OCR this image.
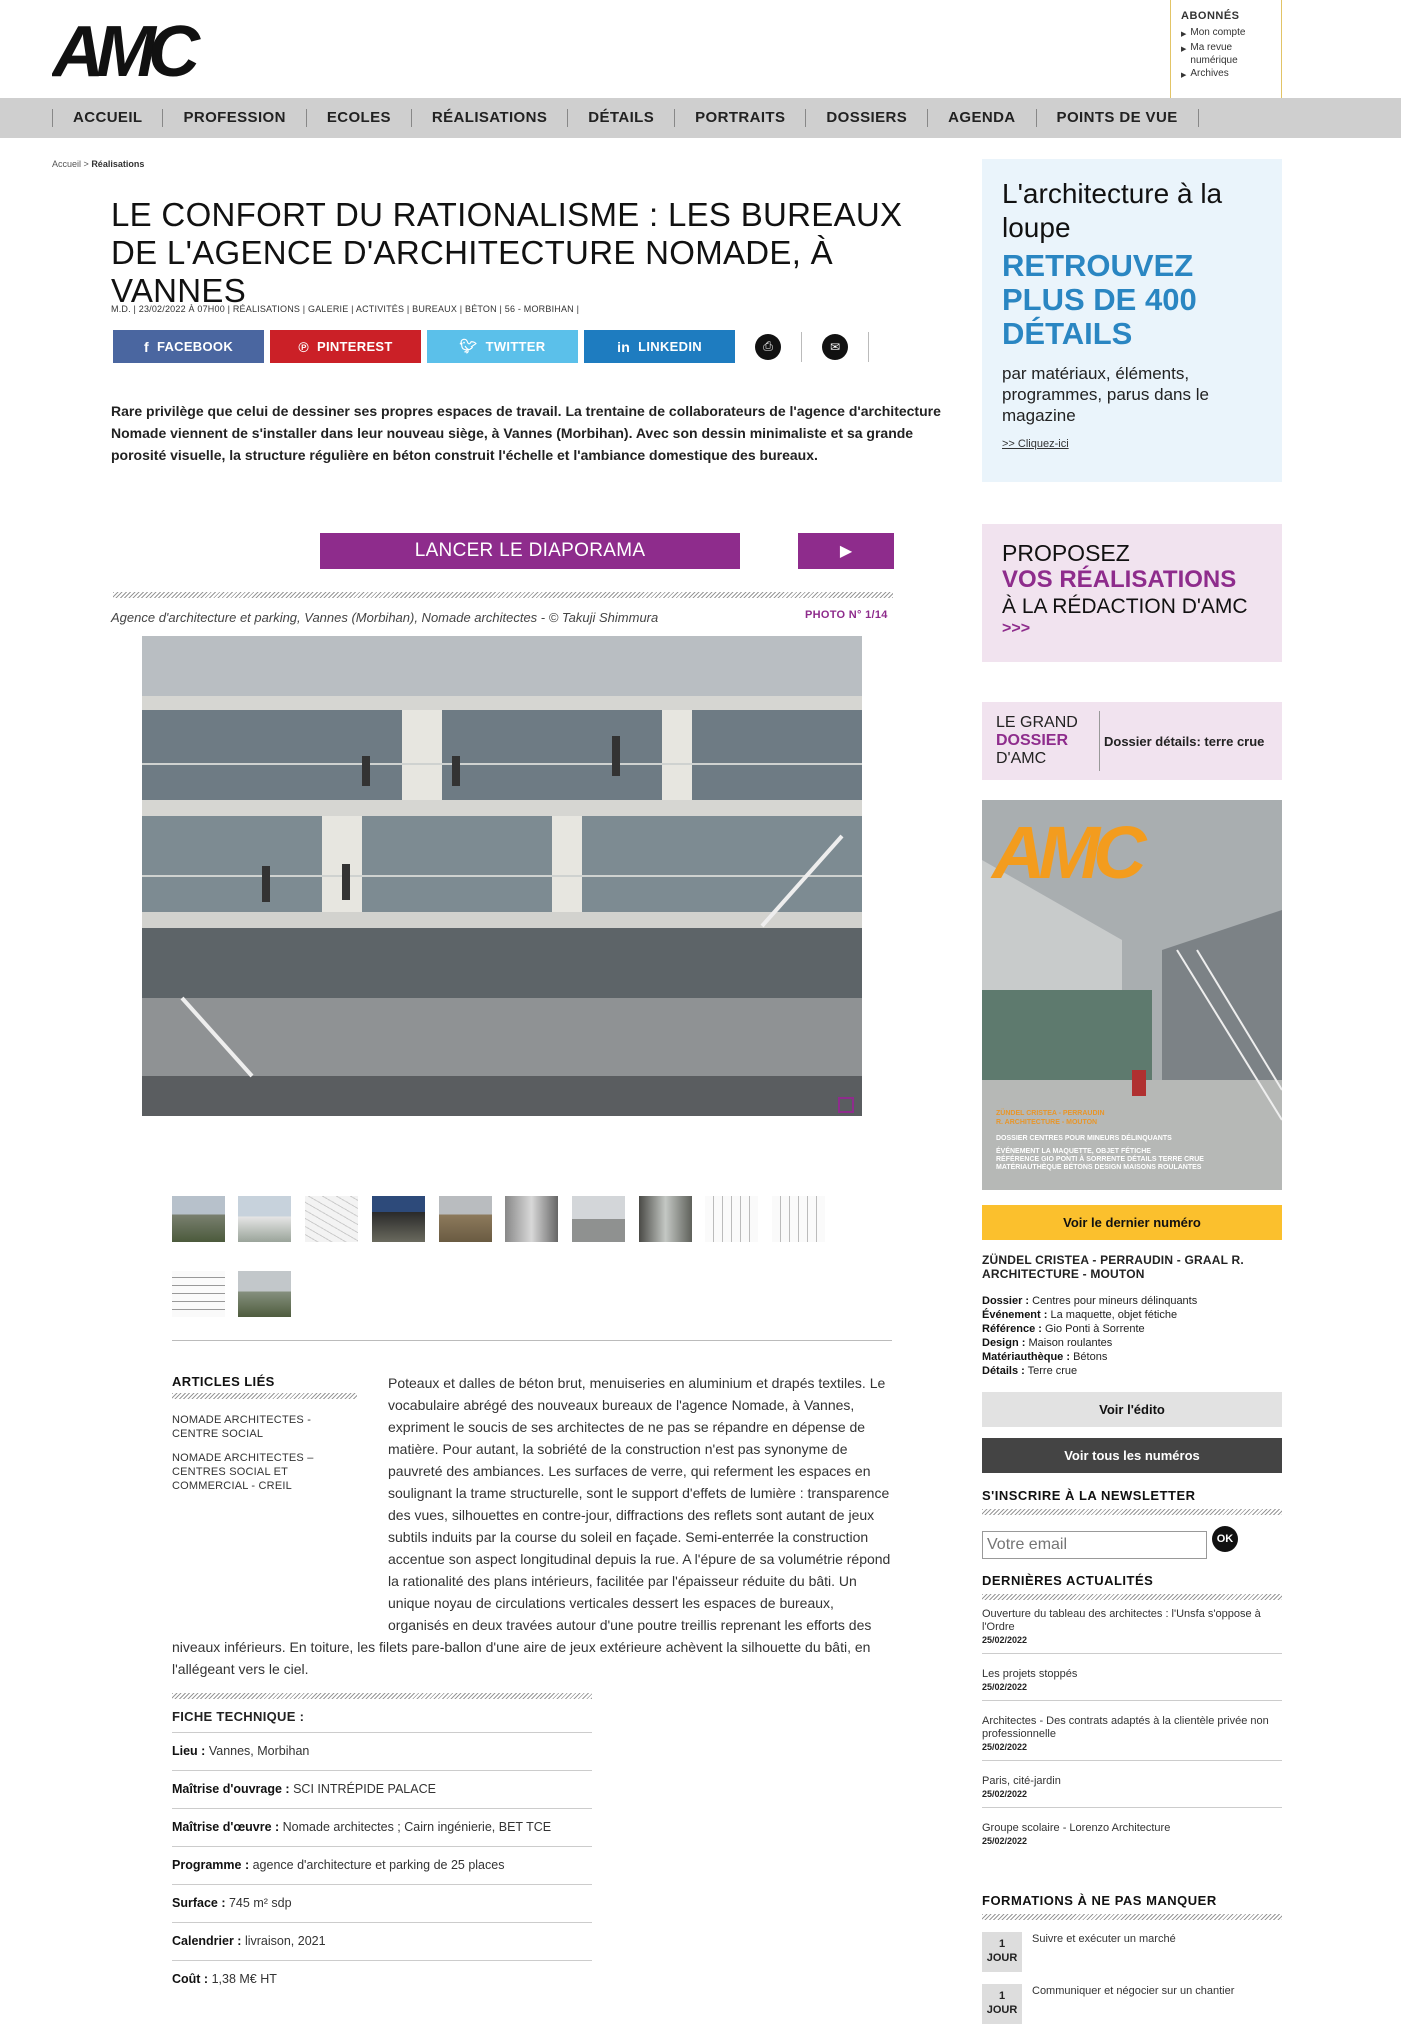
AMC	ABONNÉS
▶ Mon compte
▶ Ma revue numérique
▶ Archives
ACCUEIL	PROFESSION	ECOLES	RÉALISATIONS	DÉTAILS	PORTRAITS	DOSSIERS	AGENDA	POINTS DE VUE
Accueil > Réalisations
LE CONFORT DU RATIONALISME : LES BUREAUX DE L'AGENCE D'ARCHITECTURE NOMADE, À VANNES
M.D. | 23/02/2022 À 07H00 | RÉALISATIONS | GALERIE | ACTIVITÉS | BUREAUX | BÉTON | 56 - MORBIHAN |
f FACEBOOK	℗ PINTEREST	🐦︎ TWITTER	in LINKEDIN	⎙	✉

Rare privilège que celui de dessiner ses propres espaces de travail. La trentaine de collaborateurs de l'agence d'architecture Nomade viennent de s'installer dans leur nouveau siège, à Vannes (Morbihan). Avec son dessin minimaliste et sa grande porosité visuelle, la structure régulière en béton construit l'échelle et l'ambiance domestique des bureaux.

LANCER LE DIAPORAMA	▶
Agence d'architecture et parking, Vannes (Morbihan), Nomade architectes - © Takuji Shimmura	PHOTO N° 1/14
Poteaux et dalles de béton brut, menuiseries en aluminium et drapés textiles. Le vocabulaire abrégé des nouveaux bureaux de l'agence Nomade, à Vannes, expriment le soucis de ses architectes de ne pas se répandre en dépense de matière. Pour autant, la sobriété de la construction n'est pas synonyme de pauvreté des ambiances. Les surfaces de verre, qui referment les espaces en soulignant la trame structurelle, sont le support d'effets de lumière : transparence des vues, silhouettes en contre-jour, diffractions des reflets sont autant de jeux subtils induits par la course du soleil en façade. Semi-enterrée la construction accentue son aspect longitudinal depuis la rue. A l'épure de sa volumétrie répond la rationalité des plans intérieurs, facilitée par l'épaisseur réduite du bâti. Un unique noyau de circulations verticales dessert les espaces de bureaux, organisés en deux travées autour d'une poutre treillis reprenant les efforts des niveaux inférieurs. En toiture, les filets pare-ballon d'une aire de jeux extérieure achèvent la silhouette du bâti, en l'allégeant vers le ciel.
ARTICLES LIÉS
NOMADE ARCHITECTES - CENTRE SOCIAL
NOMADE ARCHITECTES – CENTRES SOCIAL ET COMMERCIAL - CREIL
FICHE TECHNIQUE :
Lieu : Vannes, Morbihan
Maîtrise d'ouvrage : SCI INTRÉPIDE PALACE
Maîtrise d'œuvre : Nomade architectes ; Cairn ingénierie, BET TCE
Programme : agence d'architecture et parking de 25 places
Surface : 745 m² sdp
Calendrier : livraison, 2021
Coût : 1,38 M€ HT
L'architecture à la loupe
RETROUVEZ PLUS DE 400 DÉTAILS
par matériaux, éléments, programmes, parus dans le magazine
>> Cliquez-ici
PROPOSEZ
VOS RÉALISATIONS
À LA RÉDACTION D'AMC
>>>
LE GRAND
DOSSIER
D'AMC
Dossier détails: terre crue
AMC
ZÜNDEL CRISTEA - PERRAUDIN
R. ARCHITECTURE - MOUTON
DOSSIER CENTRES POUR MINEURS DÉLINQUANTS
ÉVÉNEMENT LA MAQUETTE, OBJET FÉTICHE
RÉFÉRENCE GIO PONTI À SORRENTE DÉTAILS TERRE CRUE
MATÉRIAUTHÈQUE BÉTONS DESIGN MAISONS ROULANTES
Voir le dernier numéro
ZÜNDEL CRISTEA - PERRAUDIN - GRAAL R. ARCHITECTURE - MOUTON
Dossier : Centres pour mineurs délinquants
Événement : La maquette, objet fétiche
Référence : Gio Ponti à Sorrente
Design : Maison roulantes
Matériauthèque : Bétons
Détails : Terre crue
Voir l'édito
Voir tous les numéros
S'INSCRIRE À LA NEWSLETTER
Votre email
OK
DERNIÈRES ACTUALITÉS
Ouverture du tableau des architectes : l'Unsfa s'oppose à l'Ordre
25/02/2022
Les projets stoppés
25/02/2022
Architectes - Des contrats adaptés à la clientèle privée non professionnelle
25/02/2022
Paris, cité-jardin
25/02/2022
Groupe scolaire - Lorenzo Architecture
25/02/2022
FORMATIONS À NE PAS MANQUER
1
JOUR
Suivre et exécuter un marché
1
JOUR
Communiquer et négocier sur un chantier
